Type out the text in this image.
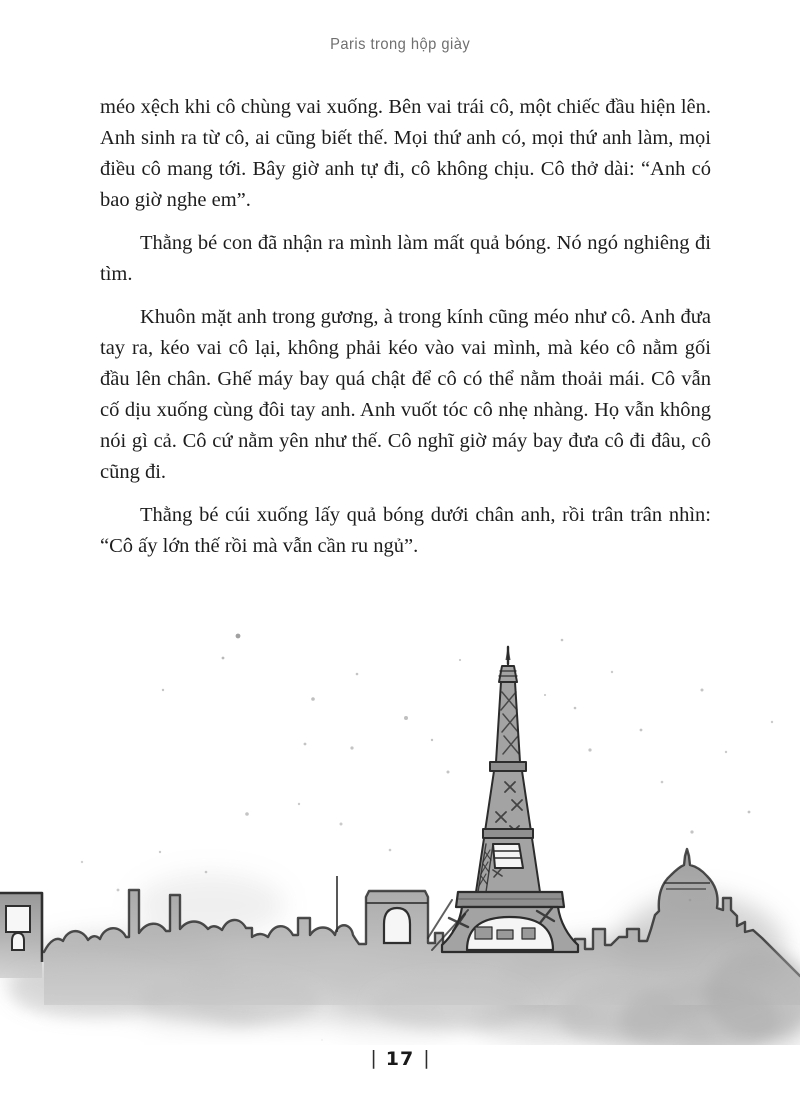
Paris trong hộp giày

méo xệch khi cô chùng vai xuống. Bên vai trái cô, một chiếc đầu hiện lên. Anh sinh ra từ cô, ai cũng biết thế. Mọi thứ anh có, mọi thứ anh làm, mọi điều cô mang tới. Bây giờ anh tự đi, cô không chịu. Cô thở dài: “Anh có bao giờ nghe em”.

Thằng bé con đã nhận ra mình làm mất quả bóng. Nó ngó nghiêng đi tìm.

Khuôn mặt anh trong gương, à trong kính cũng méo như cô. Anh đưa tay ra, kéo vai cô lại, không phải kéo vào vai mình, mà kéo cô nằm gối đầu lên chân. Ghế máy bay quá chật để cô có thể nằm thoải mái. Cô vẫn cố dịu xuống cùng đôi tay anh. Anh vuốt tóc cô nhẹ nhàng. Họ vẫn không nói gì cả. Cô cứ nằm yên như thế. Cô nghĩ giờ máy bay đưa cô đi đâu, cô cũng đi.

Thằng bé cúi xuống lấy quả bóng dưới chân anh, rồi trân trân nhìn: “Cô ấy lớn thế rồi mà vẫn cần ru ngủ”.

| 17 |
